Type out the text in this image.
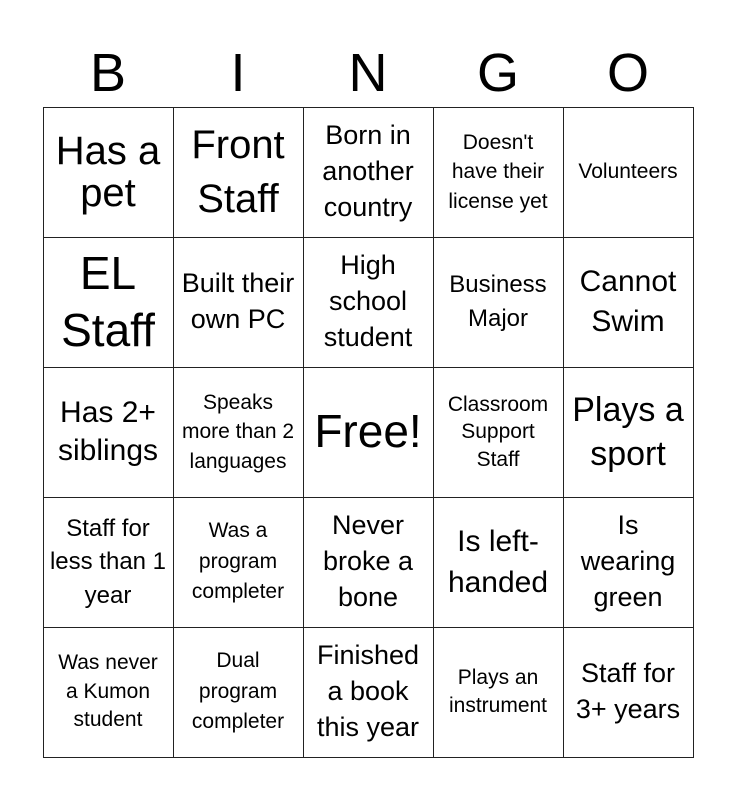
B	I	N	G	O
Has a pet
Front Staff
Born in another country
Doesn't have their license yet
Volunteers
EL Staff
Built their own PC
High school student
Business Major
Cannot Swim
Has 2+ siblings
Speaks more than 2 languages
Free!
Classroom Support Staff
Plays a sport
Staff for less than 1 year
Was a program completer
Never broke a bone
Is left-handed
Is wearing green
Was never a Kumon student
Dual program completer
Finished a book this year
Plays an instrument
Staff for 3+ years
